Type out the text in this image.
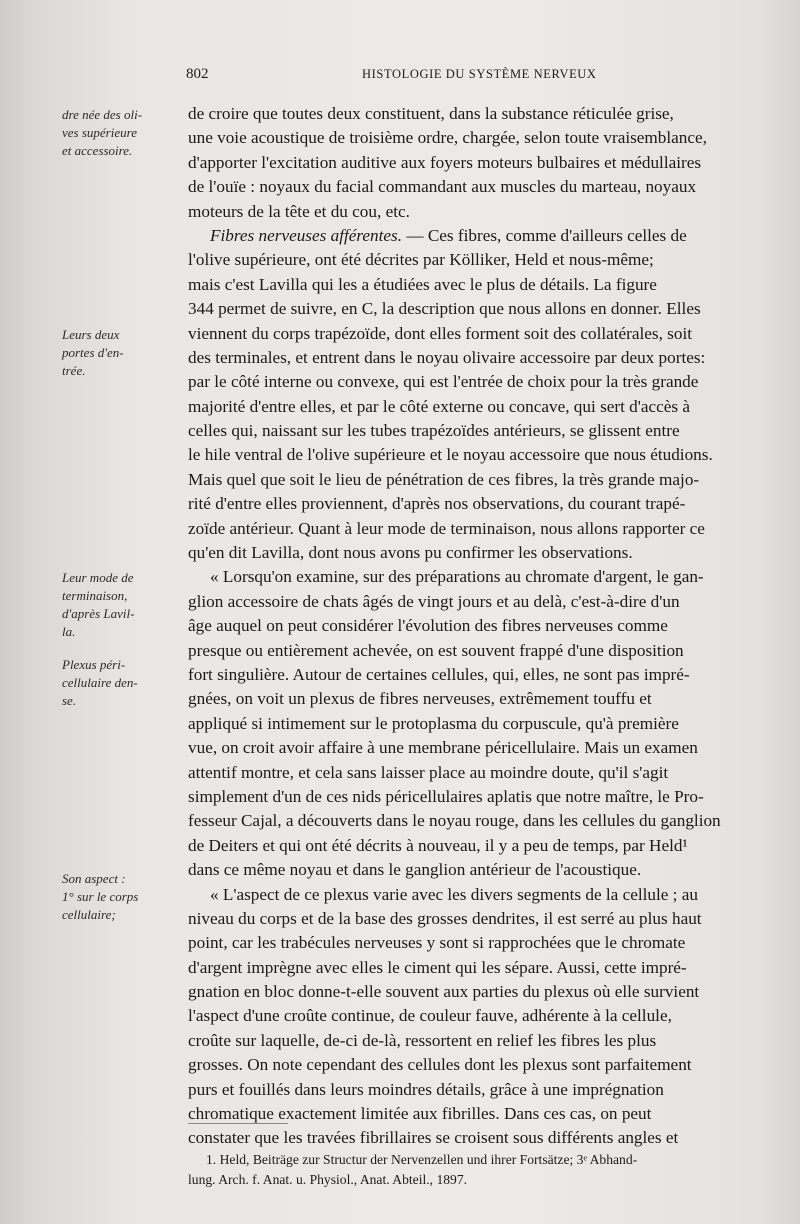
802	HISTOLOGIE DU SYSTÈME NERVEUX
dre née des oli-
ves supérieure
et accessoire.
Leurs deux
portes d'en-
trée.
Leur mode de
terminaison,
d'après Lavil-
la.
Plexus péri-
cellulaire den-
se.
Son aspect :
1° sur le corps
cellulaire;
de croire que toutes deux constituent, dans la substance réticulée grise,
une voie acoustique de troisième ordre, chargée, selon toute vraisemblance,
d'apporter l'excitation auditive aux foyers moteurs bulbaires et médullaires
de l'ouïe : noyaux du facial commandant aux muscles du marteau, noyaux
moteurs de la tête et du cou, etc.
Fibres nerveuses afférentes. — Ces fibres, comme d'ailleurs celles de
l'olive supérieure, ont été décrites par Kölliker, Held et nous-même;
mais c'est Lavilla qui les a étudiées avec le plus de détails. La figure
344 permet de suivre, en C, la description que nous allons en donner. Elles
viennent du corps trapézoïde, dont elles forment soit des collatérales, soit
des terminales, et entrent dans le noyau olivaire accessoire par deux portes:
par le côté interne ou convexe, qui est l'entrée de choix pour la très grande
majorité d'entre elles, et par le côté externe ou concave, qui sert d'accès à
celles qui, naissant sur les tubes trapézoïdes antérieurs, se glissent entre
le hile ventral de l'olive supérieure et le noyau accessoire que nous étudions.
Mais quel que soit le lieu de pénétration de ces fibres, la très grande majo-
rité d'entre elles proviennent, d'après nos observations, du courant trapé-
zoïde antérieur. Quant à leur mode de terminaison, nous allons rapporter ce
qu'en dit Lavilla, dont nous avons pu confirmer les observations.
« Lorsqu'on examine, sur des préparations au chromate d'argent, le gan-
glion accessoire de chats âgés de vingt jours et au delà, c'est-à-dire d'un
âge auquel on peut considérer l'évolution des fibres nerveuses comme
presque ou entièrement achevée, on est souvent frappé d'une disposition
fort singulière. Autour de certaines cellules, qui, elles, ne sont pas impré-
gnées, on voit un plexus de fibres nerveuses, extrêmement touffu et
appliqué si intimement sur le protoplasma du corpuscule, qu'à première
vue, on croit avoir affaire à une membrane péricellulaire. Mais un examen
attentif montre, et cela sans laisser place au moindre doute, qu'il s'agit
simplement d'un de ces nids péricellulaires aplatis que notre maître, le Pro-
fesseur Cajal, a découverts dans le noyau rouge, dans les cellules du ganglion
de Deiters et qui ont été décrits à nouveau, il y a peu de temps, par Held¹
dans ce même noyau et dans le ganglion antérieur de l'acoustique.
« L'aspect de ce plexus varie avec les divers segments de la cellule ; au
niveau du corps et de la base des grosses dendrites, il est serré au plus haut
point, car les trabécules nerveuses y sont si rapprochées que le chromate
d'argent imprègne avec elles le ciment qui les sépare. Aussi, cette impré-
gnation en bloc donne-t-elle souvent aux parties du plexus où elle survient
l'aspect d'une croûte continue, de couleur fauve, adhérente à la cellule,
croûte sur laquelle, de-ci de-là, ressortent en relief les fibres les plus
grosses. On note cependant des cellules dont les plexus sont parfaitement
purs et fouillés dans leurs moindres détails, grâce à une imprégnation
chromatique exactement limitée aux fibrilles. Dans ces cas, on peut
constater que les travées fibrillaires se croisent sous différents angles et
1. Held, Beiträge zur Structur der Nervenzellen und ihrer Fortsätze; 3ᵉ Abhand-
lung. Arch. f. Anat. u. Physiol., Anat. Abteil., 1897.
